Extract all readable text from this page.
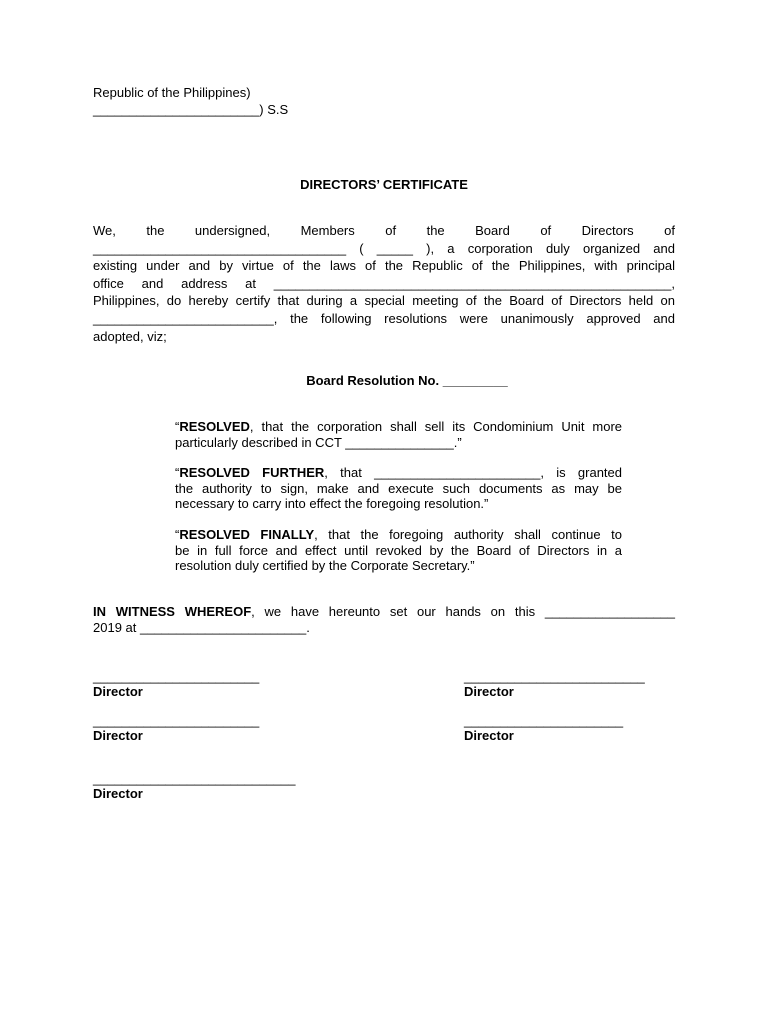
Republic of the Philippines)
_______________________) S.S
DIRECTORS’ CERTIFICATE
We, the undersigned, Members of the Board of Directors of
___________________________________ ( _____ ), a corporation duly organized and
existing under and by virtue of the laws of the Republic of the Philippines, with principal
office and address at _______________________________________________________,
Philippines, do hereby certify that during a special meeting of the Board of Directors held on
_________________________, the following resolutions were unanimously approved and
adopted, viz;
Board Resolution No. _________
“RESOLVED, that the corporation shall sell its Condominium Unit more
particularly described in CCT _______________.”
“RESOLVED FURTHER, that _______________________, is granted
the authority to sign, make and execute such documents as may be
necessary to carry into effect the foregoing resolution.”
“RESOLVED FINALLY, that the foregoing authority shall continue to
be in full force and effect until revoked by the Board of Directors in a
resolution duly certified by the Corporate Secretary.”
IN WITNESS WHEREOF, we have hereunto set our hands on this __________________
2019 at _______________________.
_______________________
Director
_________________________
Director
_______________________
Director
______________________
Director
____________________________
Director
